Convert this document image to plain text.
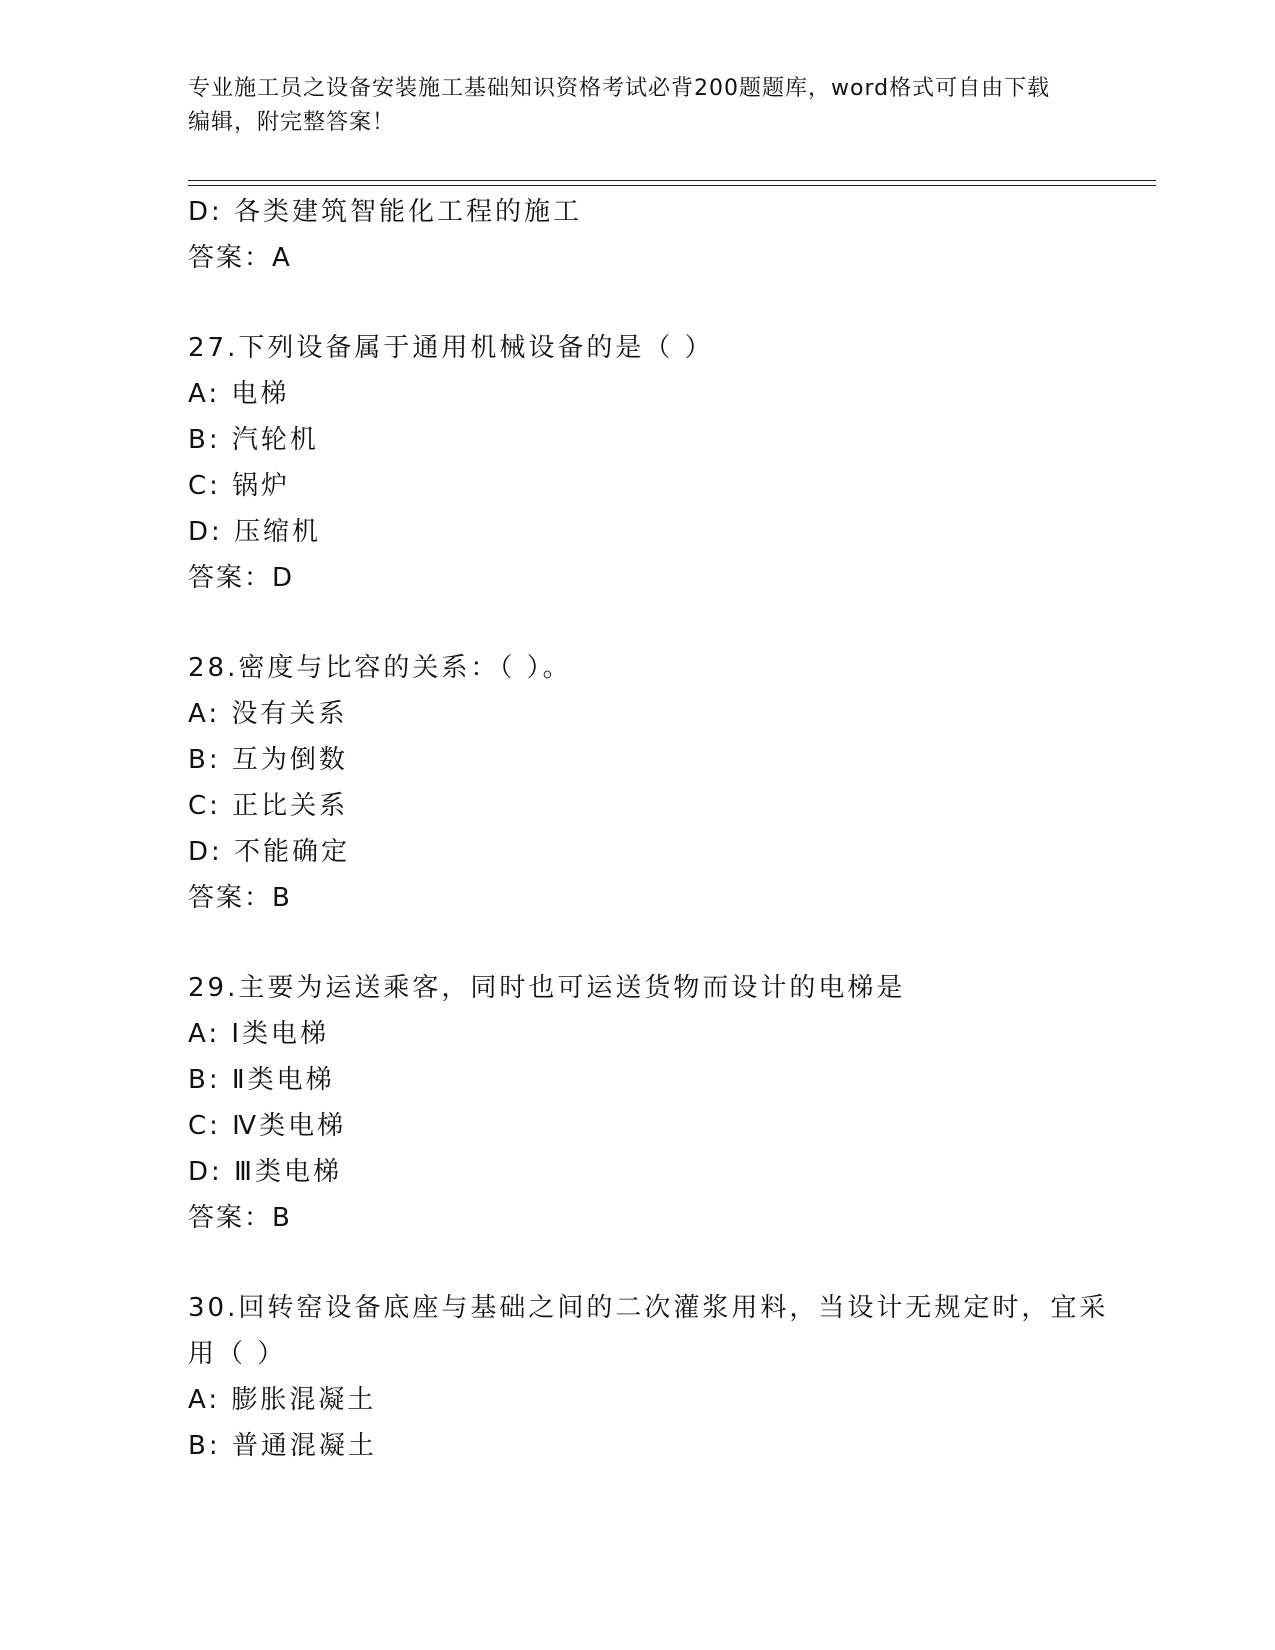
专业施工员之设备安装施工基础知识资格考试必背200题题库，word格式可自由下载编辑，附完整答案！
D: 各类建筑智能化工程的施工
答案：A
27.下列设备属于通用机械设备的是（ ）
A: 电梯
B: 汽轮机
C: 锅炉
D: 压缩机
答案：D
28.密度与比容的关系：（ ）。
A: 没有关系
B: 互为倒数
C: 正比关系
D: 不能确定
答案：B
29.主要为运送乘客，同时也可运送货物而设计的电梯是
A: Ⅰ类电梯
B: Ⅱ类电梯
C: Ⅳ类电梯
D: Ⅲ类电梯
答案：B
30.回转窑设备底座与基础之间的二次灌浆用料，当设计无规定时，宜采用（ ）
A: 膨胀混凝土
B: 普通混凝土
